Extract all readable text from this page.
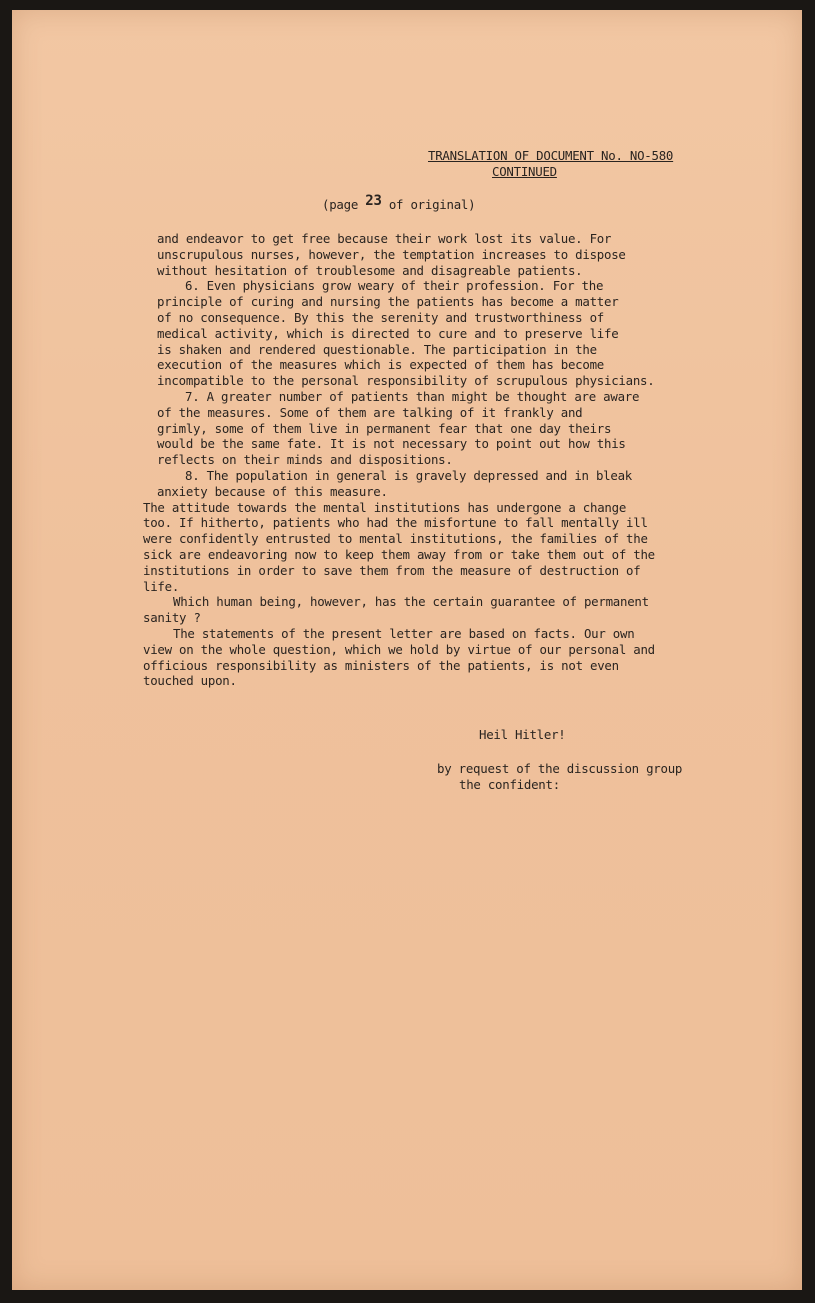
TRANSLATION OF DOCUMENT No. NO-580
CONTINUED
(page 23 of original)
and endeavor to get free because their work lost its value. For
unscrupulous nurses, however, the temptation increases to dispose
without hesitation of troublesome and disagreable patients.
6. Even physicians grow weary of their profession. For the
principle of curing and nursing the patients has become a matter
of no consequence. By this the serenity and trustworthiness of
medical activity, which is directed to cure and to preserve life
is shaken and rendered questionable. The participation in the
execution of the measures which is expected of them has become
incompatible to the personal responsibility of scrupulous physicians.
7. A greater number of patients than might be thought are aware
of the measures. Some of them are talking of it frankly and
grimly, some of them live in permanent fear that one day theirs
would be the same fate. It is not necessary to point out how this
reflects on their minds and dispositions.
8. The population in general is gravely depressed and in bleak
anxiety because of this measure.
The attitude towards the mental institutions has undergone a change
too. If hitherto, patients who had the misfortune to fall mentally ill
were confidently entrusted to mental institutions, the families of the
sick are endeavoring now to keep them away from or take them out of the
institutions in order to save them from the measure of destruction of
life.
Which human being, however, has the certain guarantee of permanent
sanity ?
The statements of the present letter are based on facts. Our own
view on the whole question, which we hold by virtue of our personal and
officious responsibility as ministers of the patients, is not even
touched upon.
Heil Hitler!
by request of the discussion group
the confident:
